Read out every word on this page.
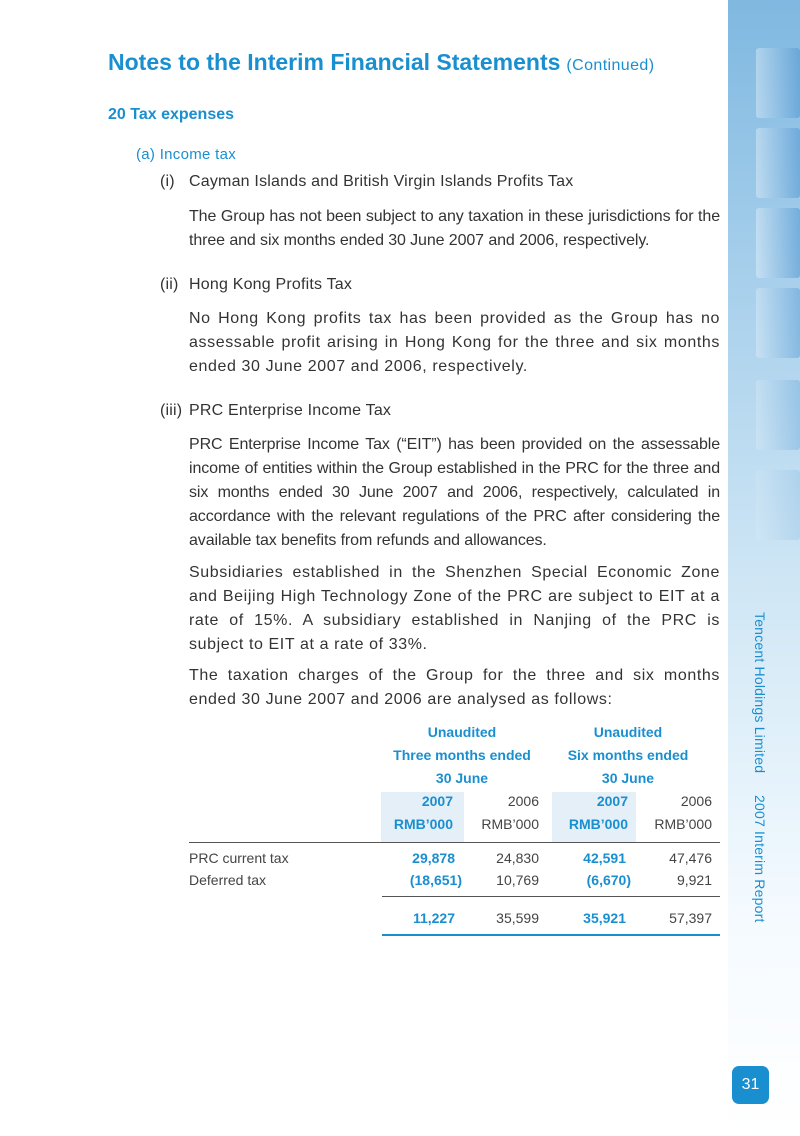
Tencent Holdings Limited2007 Interim Report
31
Notes to the Interim Financial Statements (Continued)
20 Tax expenses
(a) Income tax
(i) Cayman Islands and British Virgin Islands Profits Tax
The Group has not been subject to any taxation in these jurisdictions for the three and six months ended 30 June 2007 and 2006, respectively.
(ii) Hong Kong Profits Tax
No Hong Kong profits tax has been provided as the Group has no assessable profit arising in Hong Kong for the three and six months ended 30 June 2007 and 2006, respectively.
(iii) PRC Enterprise Income Tax
PRC Enterprise Income Tax (“EIT”) has been provided on the assessable income of entities within the Group established in the PRC for the three and six months ended 30 June 2007 and 2006, respectively, calculated in accordance with the relevant regulations of the PRC after considering the available tax benefits from refunds and allowances.
Subsidiaries established in the Shenzhen Special Economic Zone and Beijing High Technology Zone of the PRC are subject to EIT at a rate of 15%. A subsidiary established in Nanjing of the PRC is subject to EIT at a rate of 33%.
The taxation charges of the Group for the three and six months ended 30 June 2007 and 2006 are analysed as follows:
Unaudited
Three months ended
30 June
Unaudited
Six months ended
30 June
2007	2006	2007	2006
RMB’000	RMB’000	RMB’000	RMB’000
PRC current tax	29,878	24,830	42,591	47,476
Deferred tax	(18,651)	10,769	(6,670)	9,921
11,227	35,599	35,921	57,397
